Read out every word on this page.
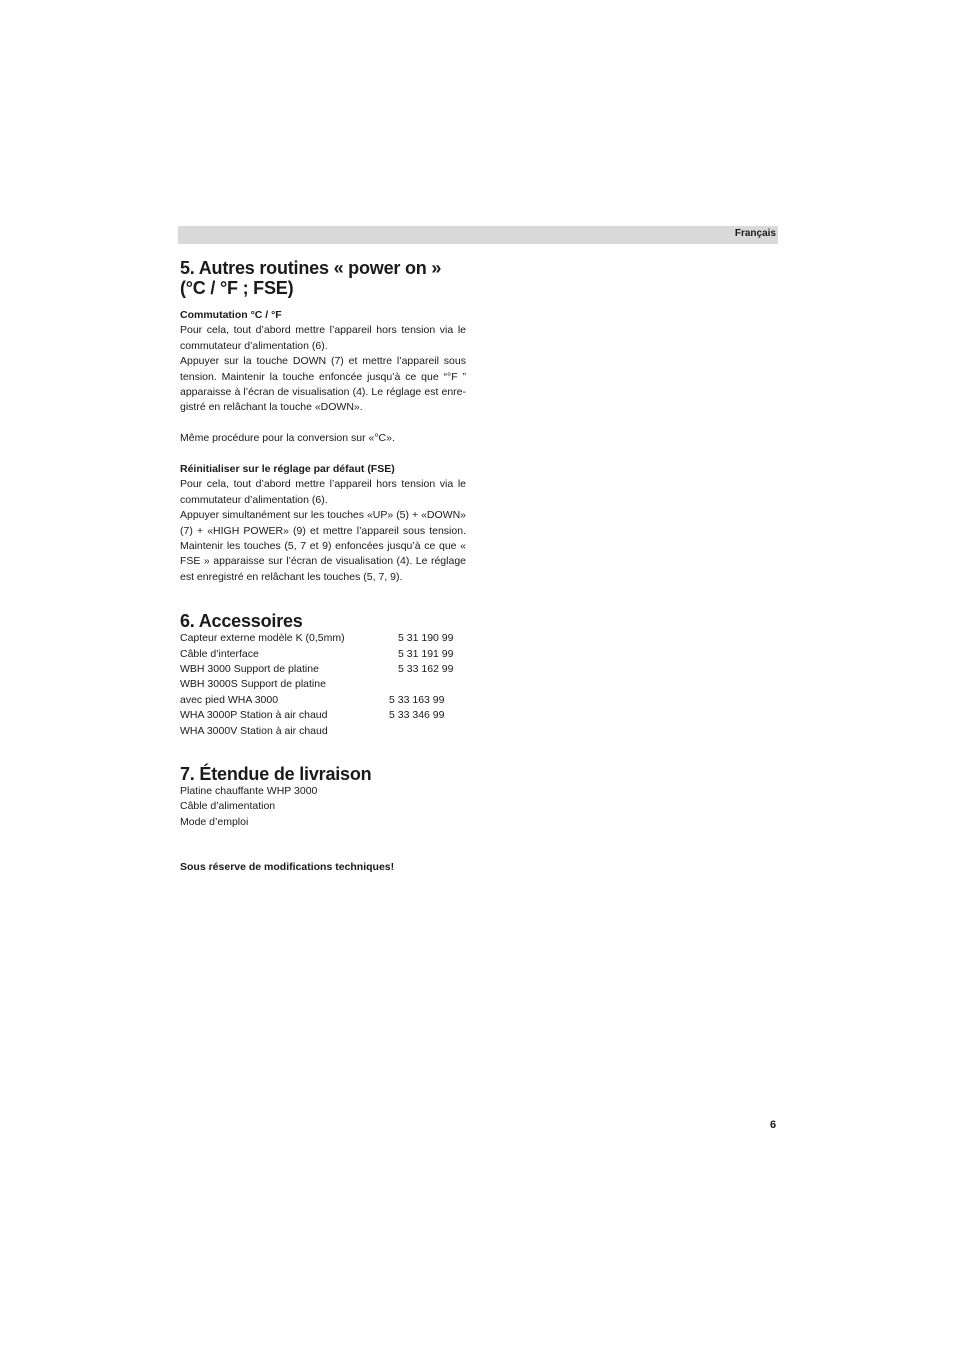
Français
5. Autres routines « power on »
(°C / °F ; FSE)
Commutation °C / °F

Pour cela, tout d’abord mettre l’appareil hors tension via le commutateur d’alimentation (6).

Appuyer sur la touche DOWN (7) et mettre l’appareil sous tension. Maintenir la touche enfoncée jusqu’à ce que “°F ” apparaisse à l’écran de visualisation (4). Le réglage est enre- gistré en relâchant la touche «DOWN».

Même procédure pour la conversion sur «°C».

Réinitialiser sur le réglage par défaut (FSE)

Pour cela, tout d’abord mettre l’appareil hors tension via le commutateur d’alimentation (6).

Appuyer simultanément sur les touches «UP» (5) + «DOWN» (7) + «HIGH POWER» (9) et mettre l’appareil sous tension. Maintenir les touches (5, 7 et 9) enfoncées jusqu’à ce que « FSE » apparaisse sur l’écran de visualisation (4). Le réglage est enregistré en relâchant les touches (5, 7, 9).

6. Accessoires
Capteur externe modèle K (0,5mm)	5 31 190 99
Câble d’interface	5 31 191 99
WBH 3000 Support de platine	5 33 162 99
WBH 3000S Support de platine
avec pied WHA 3000	5 33 163 99
WHA 3000P Station à air chaud	5 33 346 99
WHA 3000V Station à air chaud
7. Étendue de livraison
Platine chauffante WHP 3000
Câble d’alimentation
Mode d’emploi
Sous réserve de modifications techniques!
6
